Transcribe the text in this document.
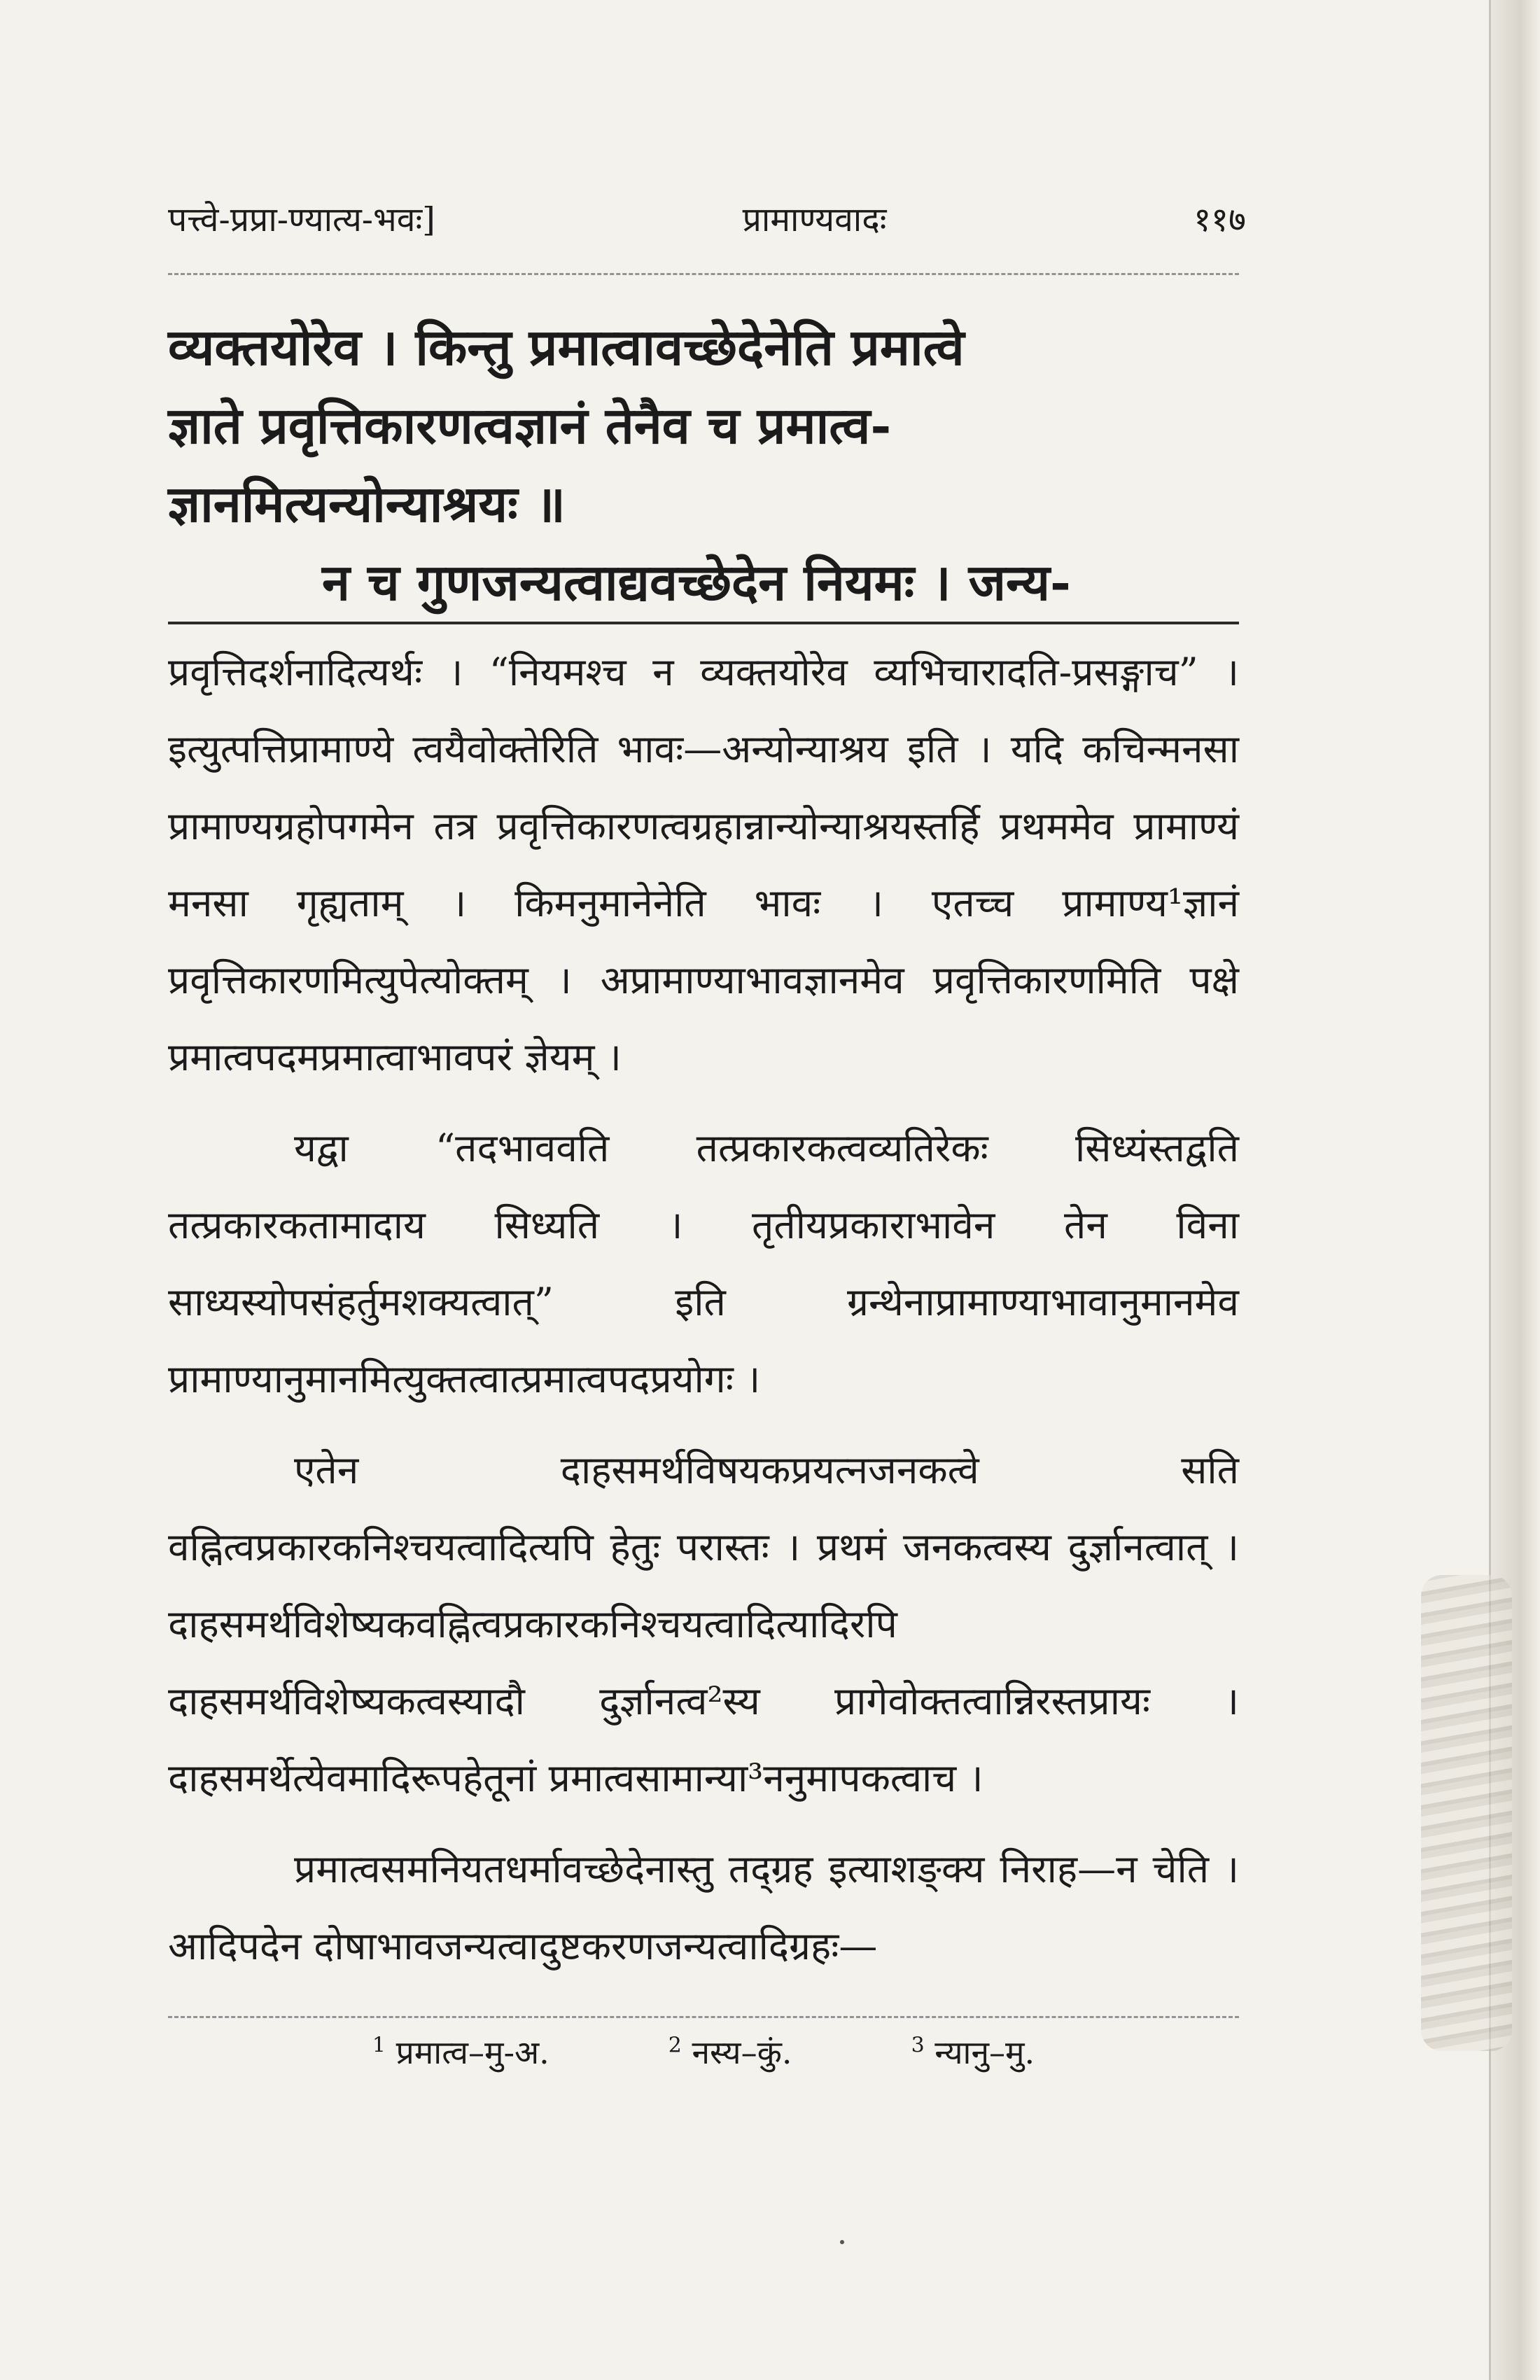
पत्त्वे-प्रप्रा-ण्यात्य-भवः]	प्रामाण्यवादः	११७

व्यक्तयोरेव । किन्तु प्रमात्वावच्छेदेनेति प्रमात्वे

ज्ञाते प्रवृत्तिकारणत्वज्ञानं तेनैव च प्रमात्व-

ज्ञानमित्यन्योन्याश्रयः ॥

न च गुणजन्यत्वाद्यवच्छेदेन नियमः । जन्य-

प्रवृत्तिदर्शनादित्यर्थः । “नियमश्च न व्यक्तयोरेव व्यभिचारादति-प्रसङ्गाच” । इत्युत्पत्तिप्रामाण्ये त्वयैवोक्तेरिति भावः—अन्योन्याश्रय इति । यदि कचिन्मनसा प्रामाण्यग्रहोपगमेन तत्र प्रवृत्तिकारणत्वग्रहान्नान्योन्याश्रयस्तर्हि प्रथममेव प्रामाण्यं मनसा गृह्यताम् । किमनुमानेनेति भावः । एतच्च प्रामाण्य¹ज्ञानं प्रवृत्तिकारणमित्युपेत्योक्तम् । अप्रामाण्याभावज्ञानमेव प्रवृत्तिकारणमिति पक्षे प्रमात्वपदमप्रमात्वाभावपरं ज्ञेयम् ।

यद्वा “तदभाववति तत्प्रकारकत्वव्यतिरेकः सिध्यंस्तद्वति तत्प्रकारकतामादाय सिध्यति । तृतीयप्रकाराभावेन तेन विना साध्यस्योपसंहर्तुमशक्यत्वात्” इति ग्रन्थेनाप्रामाण्याभावानुमानमेव प्रामाण्यानुमानमित्युक्तत्वात्प्रमात्वपदप्रयोगः ।

एतेन दाहसमर्थविषयकप्रयत्नजनकत्वे सति वह्नित्वप्रकारकनिश्चयत्वादित्यपि हेतुः परास्तः । प्रथमं जनकत्वस्य दुर्ज्ञानत्वात् । दाहसमर्थविशेष्यकवह्नित्वप्रकारकनिश्चयत्वादित्यादिरपि दाहसमर्थविशेष्यकत्वस्यादौ दुर्ज्ञानत्व²स्य प्रागेवोक्तत्वान्निरस्तप्रायः । दाहसमर्थेत्येवमादिरूपहेतूनां प्रमात्वसामान्या³ननुमापकत्वाच ।

प्रमात्वसमनियतधर्मावच्छेदेनास्तु तद्ग्रह इत्याशङ्क्य निराह—न चेति । आदिपदेन दोषाभावजन्यत्वादुष्टकरणजन्यत्वादिग्रहः—

$^1$ प्रमात्व–मु-अ.	$^2$ नस्य–कुं.	$^3$ न्यानु–मु.
